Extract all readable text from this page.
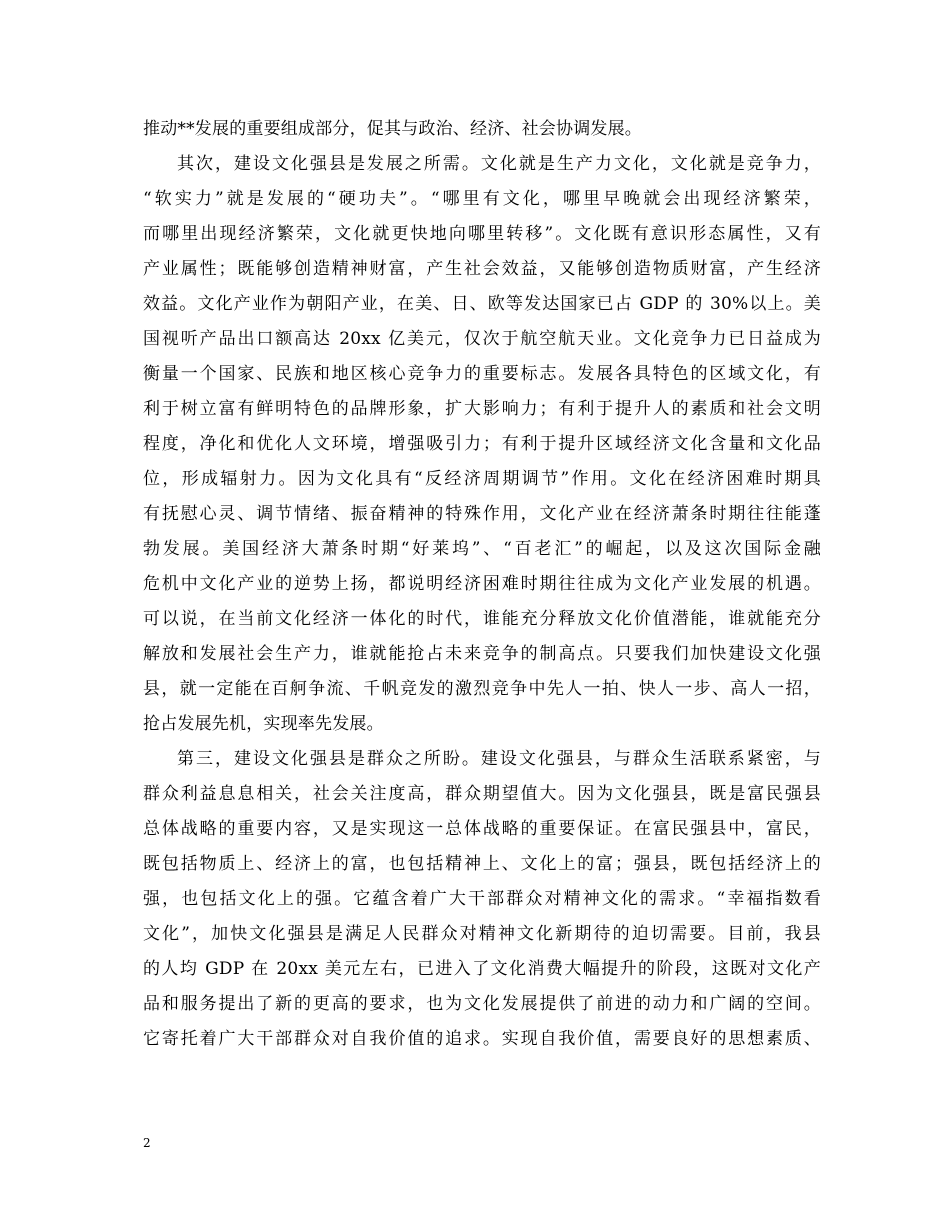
推动**发展的重要组成部分，促其与政治、经济、社会协调发展。
其次，建设文化强县是发展之所需。文化就是生产力文化，文化就是竞争力，
“软实力”就是发展的“硬功夫”。“哪里有文化，哪里早晚就会出现经济繁荣，
而哪里出现经济繁荣，文化就更快地向哪里转移”。文化既有意识形态属性，又有
产业属性；既能够创造精神财富，产生社会效益，又能够创造物质财富，产生经济
效益。文化产业作为朝阳产业，在美、日、欧等发达国家已占 GDP 的 30%以上。美
国视听产品出口额高达 20xx 亿美元，仅次于航空航天业。文化竞争力已日益成为
衡量一个国家、民族和地区核心竞争力的重要标志。发展各具特色的区域文化，有
利于树立富有鲜明特色的品牌形象，扩大影响力；有利于提升人的素质和社会文明
程度，净化和优化人文环境，增强吸引力；有利于提升区域经济文化含量和文化品
位，形成辐射力。因为文化具有“反经济周期调节”作用。文化在经济困难时期具
有抚慰心灵、调节情绪、振奋精神的特殊作用，文化产业在经济萧条时期往往能蓬
勃发展。美国经济大萧条时期“好莱坞”、“百老汇”的崛起，以及这次国际金融
危机中文化产业的逆势上扬，都说明经济困难时期往往成为文化产业发展的机遇。
可以说，在当前文化经济一体化的时代，谁能充分释放文化价值潜能，谁就能充分
解放和发展社会生产力，谁就能抢占未来竞争的制高点。只要我们加快建设文化强
县，就一定能在百舸争流、千帆竞发的激烈竞争中先人一拍、快人一步、高人一招，
抢占发展先机，实现率先发展。
第三，建设文化强县是群众之所盼。建设文化强县，与群众生活联系紧密，与
群众利益息息相关，社会关注度高，群众期望值大。因为文化强县，既是富民强县
总体战略的重要内容，又是实现这一总体战略的重要保证。在富民强县中，富民，
既包括物质上、经济上的富，也包括精神上、文化上的富；强县，既包括经济上的
强，也包括文化上的强。它蕴含着广大干部群众对精神文化的需求。“幸福指数看
文化”，加快文化强县是满足人民群众对精神文化新期待的迫切需要。目前，我县
的人均 GDP 在 20xx 美元左右，已进入了文化消费大幅提升的阶段，这既对文化产
品和服务提出了新的更高的要求，也为文化发展提供了前进的动力和广阔的空间。
它寄托着广大干部群众对自我价值的追求。实现自我价值，需要良好的思想素质、
2
